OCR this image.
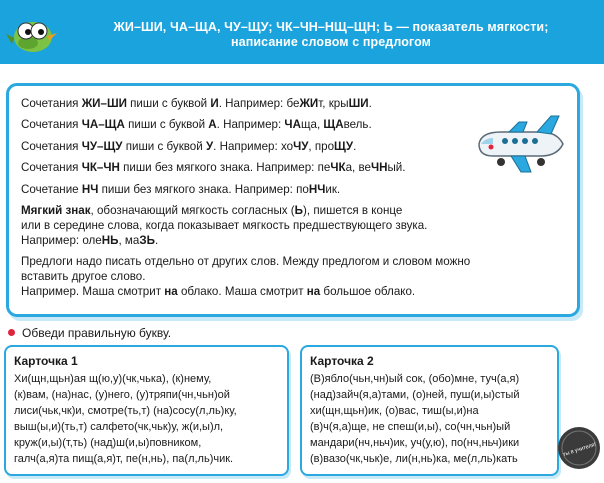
ЖИ–ШИ, ЧА–ЩА, ЧУ–ЩУ; ЧК–ЧН–НЩ–ЩН; Ь — показатель мягкости;
написание словом с предлогом
Сочетания ЖИ–ШИ пиши с буквой И. Например: беЖИт, крыШИ.
Сочетания ЧА–ЩА пиши с буквой А. Например: ЧАща, ЩАвель.
Сочетания ЧУ–ЩУ пиши с буквой У. Например: хоЧУ, проЩУ.
Сочетания ЧК–ЧН пиши без мягкого знака. Например: пеЧКа, веЧНый.
Сочетание НЧ пиши без мягкого знака. Например: поНЧик.
Мягкий знак, обозначающий мягкость согласных (Ь), пишется в конце
или в середине слова, когда показывает мягкость предшествующего звука.
Например: олеНЬ, маЗЬ.
Предлоги надо писать отдельно от других слов. Между предлогом и словом можно
вставить другое слово.
Например. Маша смотрит на облако. Маша смотрит на большое облако.
Обведи правильную букву.
Карточка 1
Хи(щн,щьн)ая щ(ю,у)(чк,чька), (к)нему,
(к)вам, (на)нас, (у)него, (у)тряпи(чн,чьн)ой
лиси(чьк,чк)и, смотре(ть,т) (на)сосу(л,ль)ку,
выш(ы,и)(ть,т) салфето(чк,чьк)у, ж(и,ы)л,
круж(и,ы)(т,ть) (над)ш(и,ы)повником,
галч(а,я)та пищ(а,я)т, пе(н,нь), па(л,ль)чик.
Карточка 2
(В)ябло(чьн,чн)ый сок, (обо)мне, туч(а,я)
(над)зайч(я,а)тами, (о)ней, пуш(и,ы)стый
хи(щн,щьн)ик, (о)вас, тиш(ы,и)на
(в)ч(я,а)ще, не спеш(и,ы), со(чн,чьн)ый
мандари(нч,ньч)ик, уч(у,ю), по(нч,ньч)ики
(в)вазо(чк,чьк)е, ли(н,нь)ка, ме(л,ль)кать
ты в учителя!
